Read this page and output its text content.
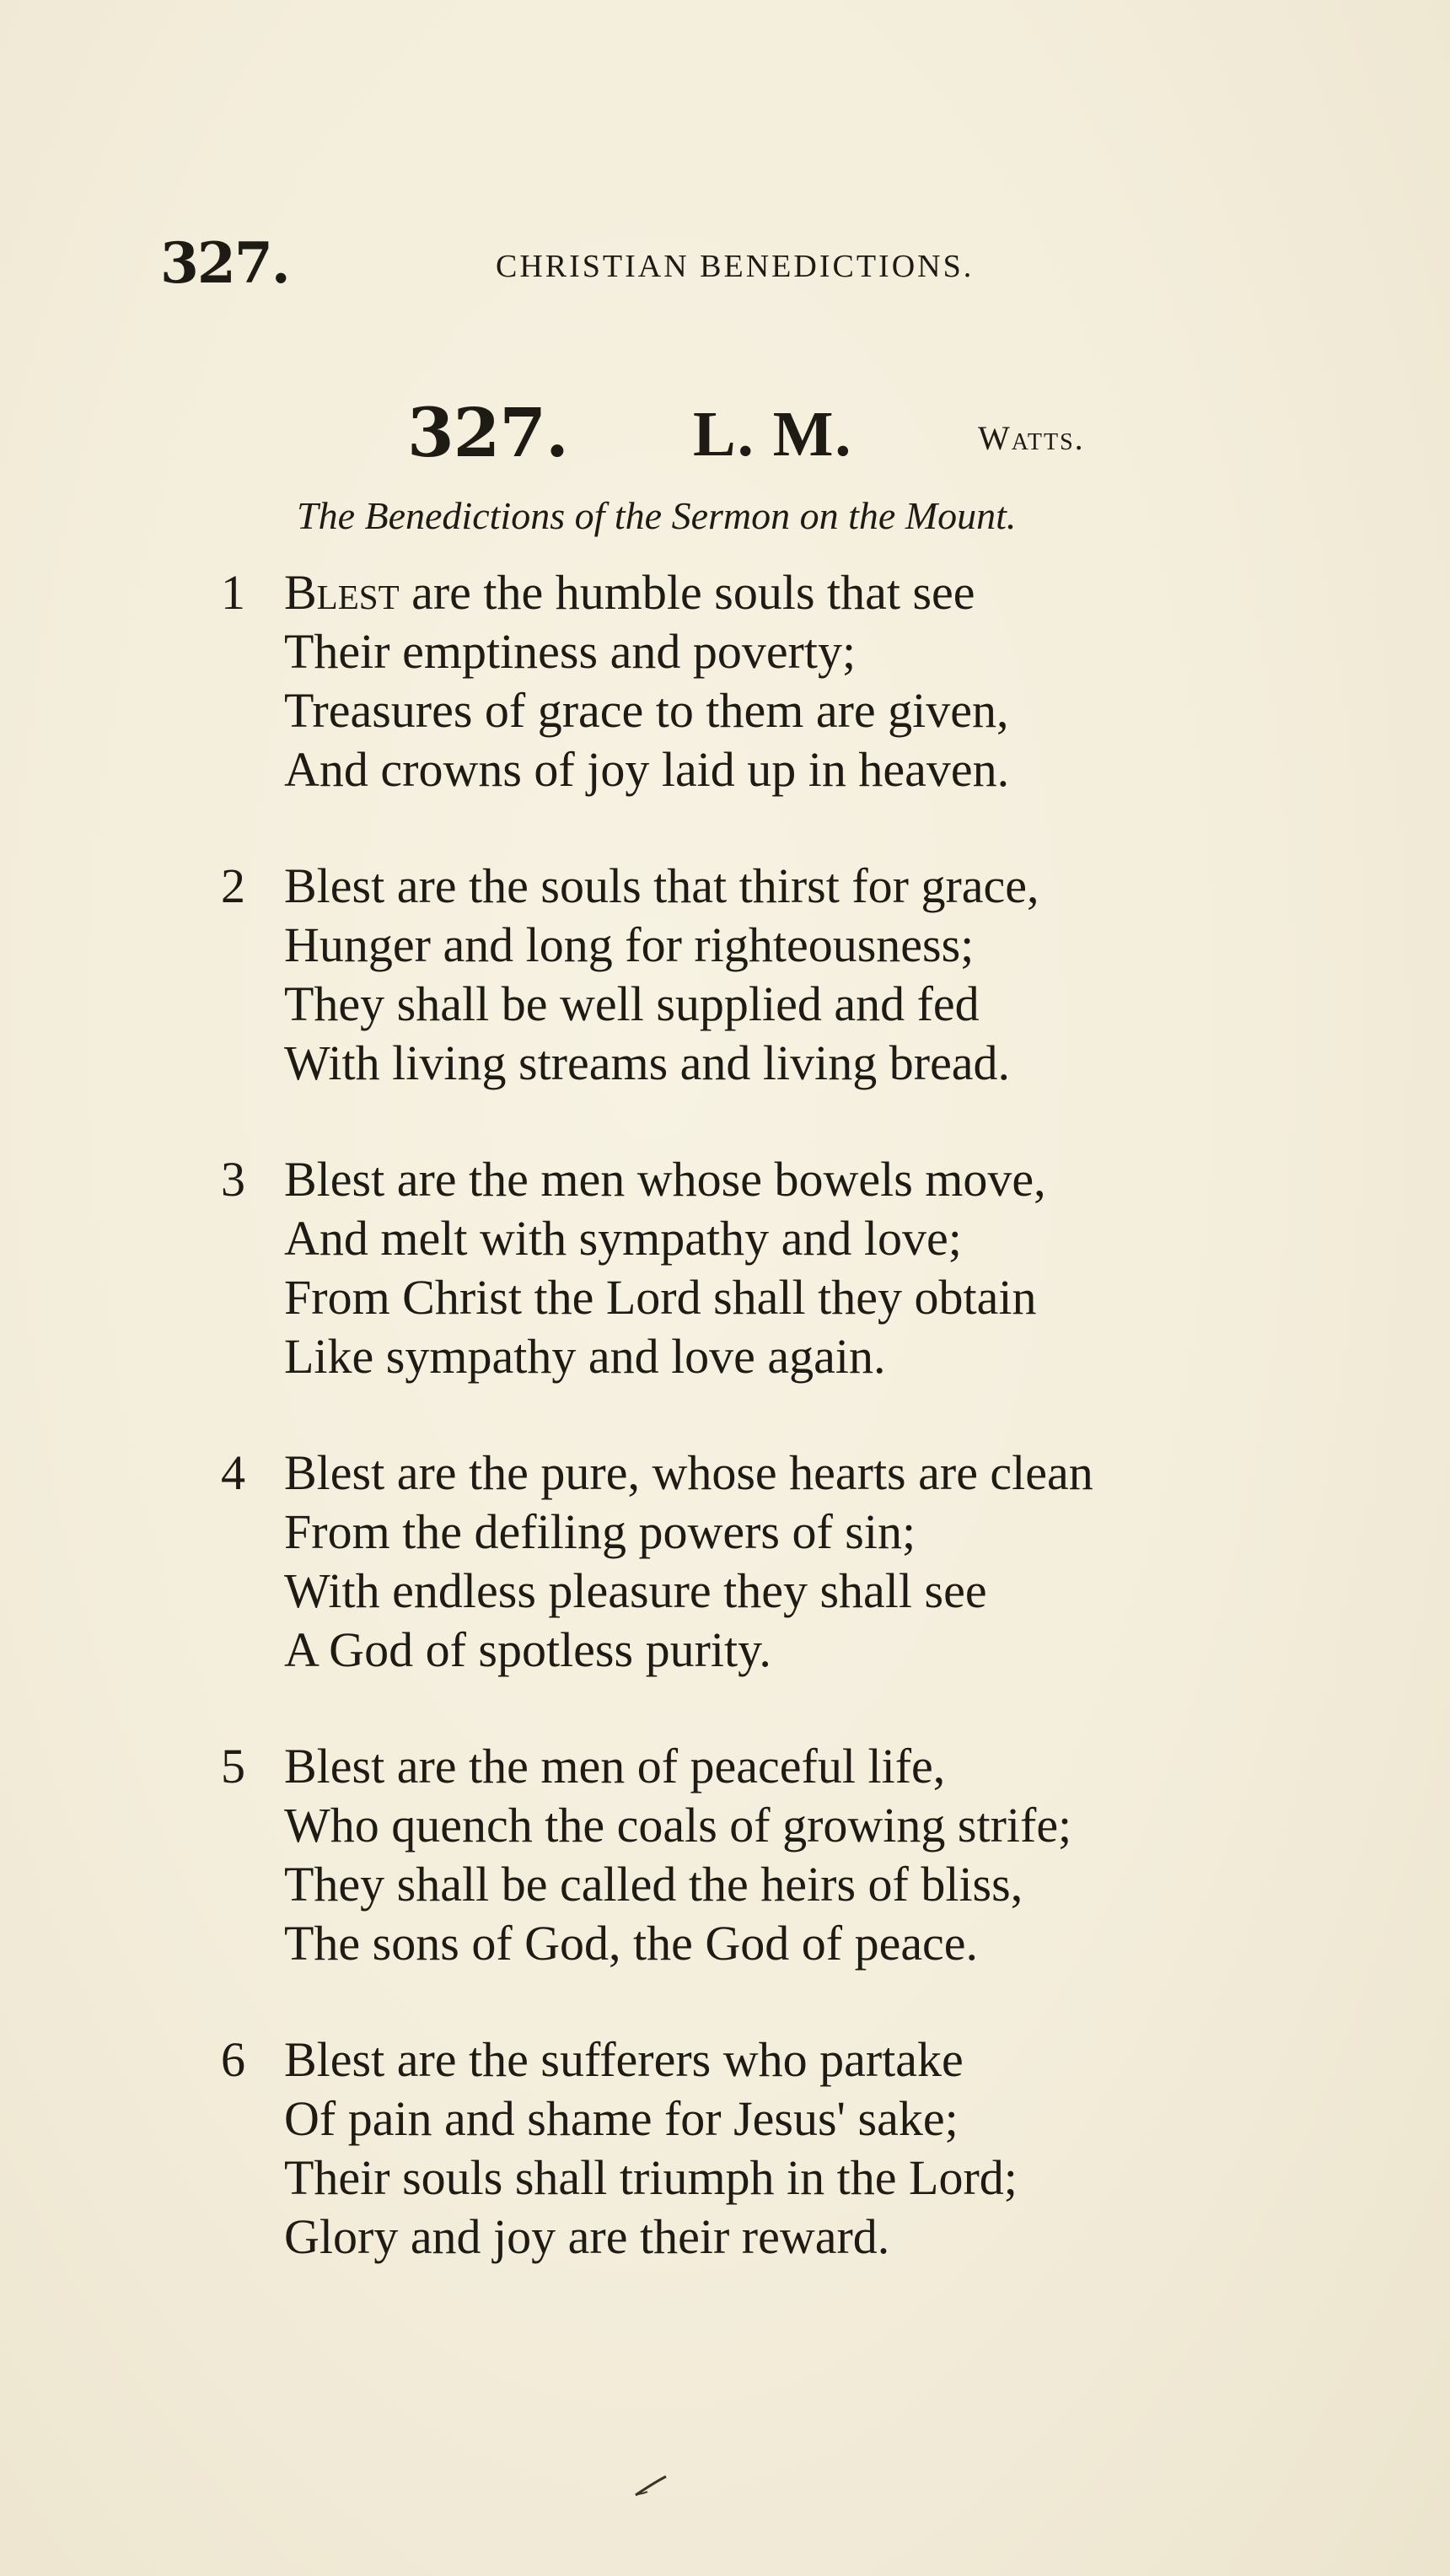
327.	CHRISTIAN BENEDICTIONS.
327. L. M.	Watts.
The Benedictions of the Sermon on the Mount.
1 Blest are the humble souls that see
Their emptiness and poverty;
Treasures of grace to them are given,
And crowns of joy laid up in heaven.
2 Blest are the souls that thirst for grace,
Hunger and long for righteousness;
They shall be well supplied and fed
With living streams and living bread.
3 Blest are the men whose bowels move,
And melt with sympathy and love;
From Christ the Lord shall they obtain
Like sympathy and love again.
4 Blest are the pure, whose hearts are clean
From the defiling powers of sin;
With endless pleasure they shall see
A God of spotless purity.
5 Blest are the men of peaceful life,
Who quench the coals of growing strife;
They shall be called the heirs of bliss,
The sons of God, the God of peace.
6 Blest are the sufferers who partake
Of pain and shame for Jesus' sake;
Their souls shall triumph in the Lord;
Glory and joy are their reward.
